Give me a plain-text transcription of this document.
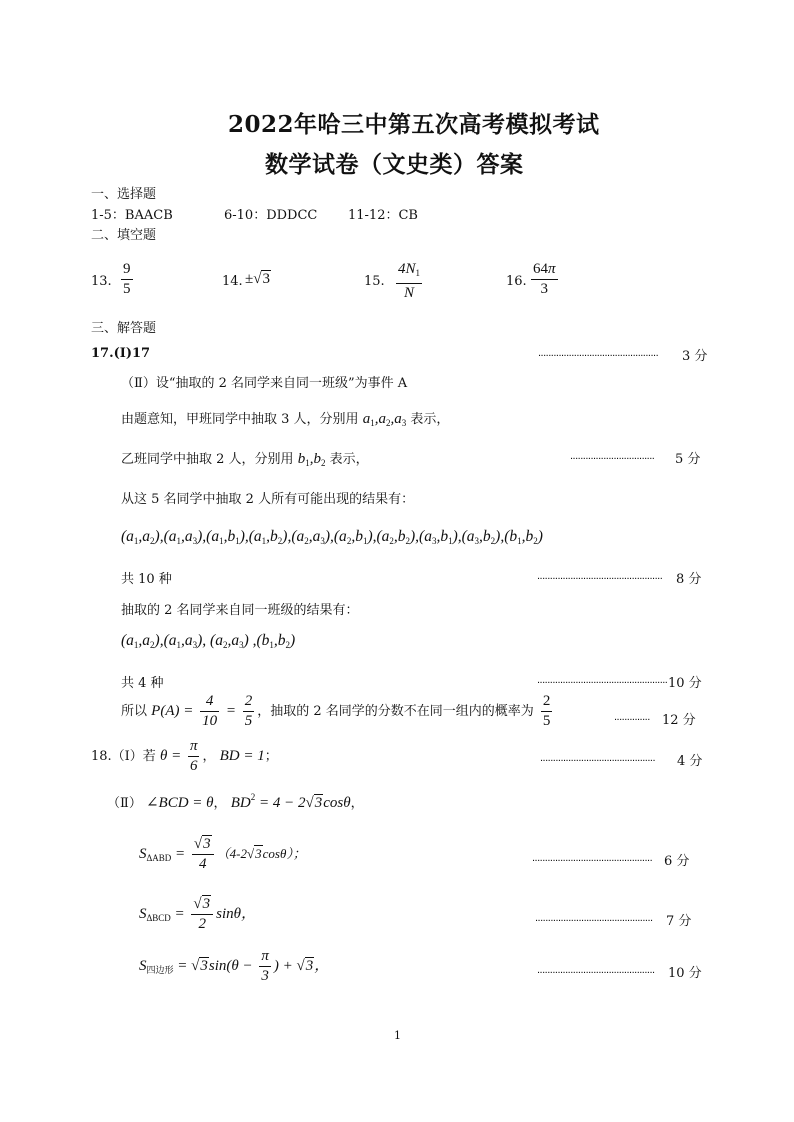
2022年哈三中第五次高考模拟考试
数学试卷（文史类）答案
一、选择题
1-5：BAACB	6-10：DDDCC 11-12：CB
二、填空题
13. $\frac{9}{5}$	14. ±√3	15. $\frac{4N_1}{N}$	16. $\frac{64\pi}{3}$
三、解答题
17.(Ⅰ)17	............................................... 3 分
（Ⅱ）设“抽取的 2 名同学来自同一班级”为事件 A
由题意知，甲班同学中抽取 3 人，分别用 $a_1,a_2,a_3$ 表示，
乙班同学中抽取 2 人，分别用 $b_1,b_2$ 表示，	................................. 5 分
从这 5 名同学中抽取 2 人所有可能出现的结果有：
$(a_1,a_2),(a_1,a_3),(a_1,b_1),(a_1,b_2),(a_2,a_3),(a_2,b_1),(a_2,b_2),(a_3,b_1),(a_3,b_2),(b_1,b_2)$
共 10 种	................................................. 8 分
抽取的 2 名同学来自同一班级的结果有：
$(a_1,a_2),(a_1,a_3)$, $(a_2,a_3)$ $,(b_1,b_2)$
共 4 种	................................................... 10 分
所以 $P(A) = \frac{4}{10} = \frac{2}{5}$ ，抽取的 2 名同学的分数不在同一组内的概率为 $\frac{2}{5}$	.............. 12 分
18.（Ⅰ）若 $\theta = \frac{\pi}{6}$ ， BD = 1；	............................................. 4 分
（Ⅱ） ∠BCD = θ， $BD^2 = 4 - 2√3\cos\theta$，
$S_{\Delta ABD} = \frac{√3}{4} (4-2√3\cos\theta)$；	............................................... 6 分
$S_{\Delta BCD} = \frac{√3}{2}$ sinθ，	.............................................. 7 分
$S_{四边形} = √3\sin(\theta - \frac{\pi}{3}$ ) + √3，	.............................................. 10 分
1
